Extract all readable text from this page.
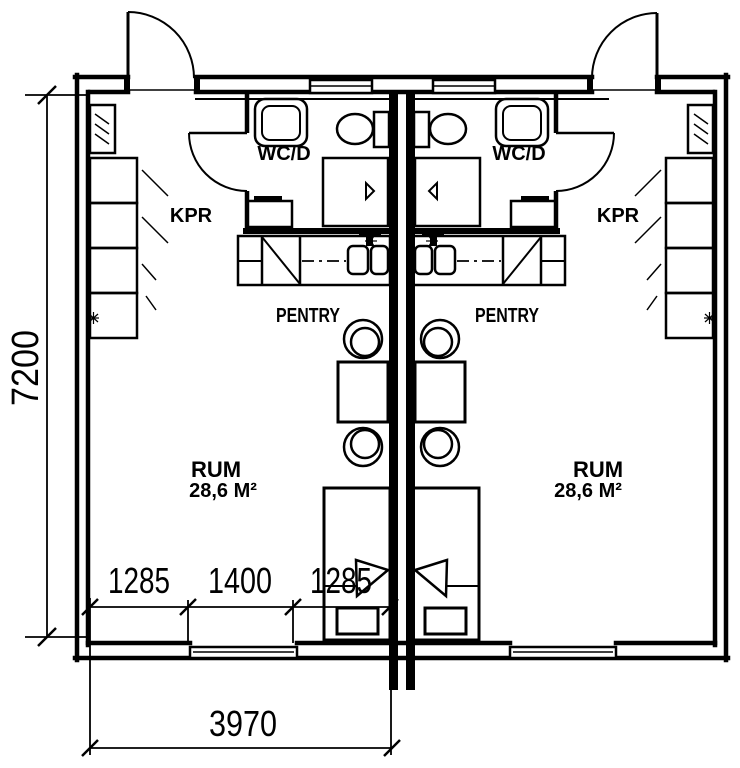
7200
1285 1400 1285
3970
WC/D	WC/D
KPR	KPR
PENTRY	PENTRY
RUM
28,6 M²
RUM
28,6 M²
